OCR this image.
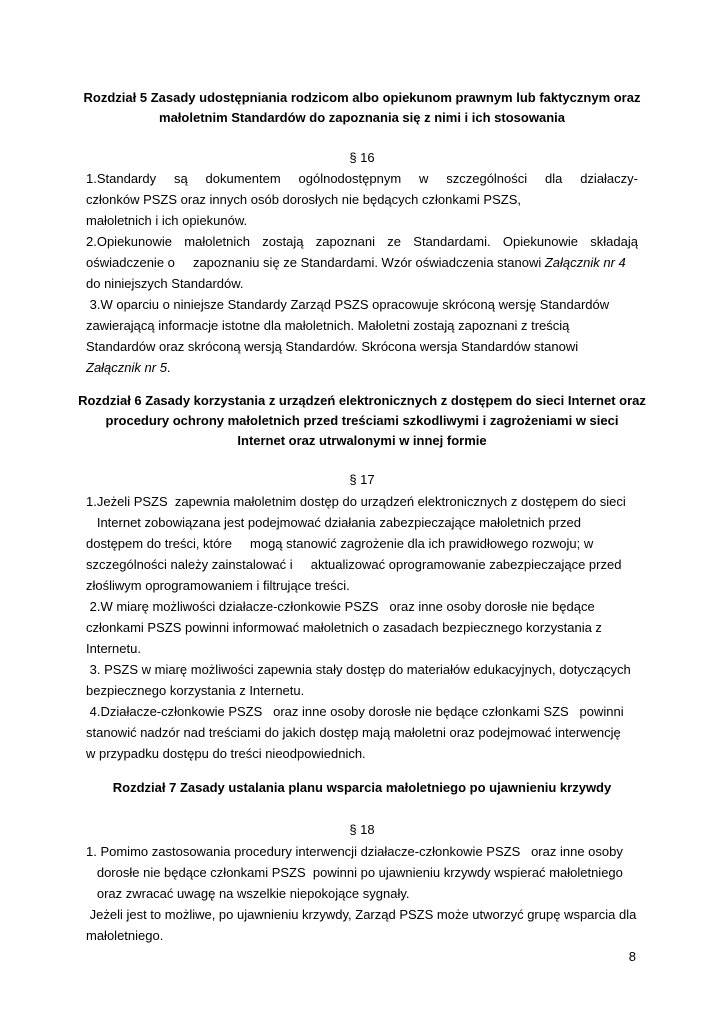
Rozdział 5 Zasady udostępniania rodzicom albo opiekunom prawnym lub faktycznym oraz
małoletnim Standardów do zapoznania się z nimi i ich stosowania
§ 16
1.Standardy są dokumentem ogólnodostępnym w szczególności dla działaczy-
członków PSZS oraz innych osób dorosłych nie będących członkami PSZS,
małoletnich i ich opiekunów.
2.Opiekunowie małoletnich zostają zapoznani ze Standardami. Opiekunowie składają
oświadczenie o     zapoznaniu się ze Standardami. Wzór oświadczenia stanowi Załącznik nr 4
do niniejszych Standardów.
3.W oparciu o niniejsze Standardy Zarząd PSZS opracowuje skróconą wersję Standardów
zawierającą informacje istotne dla małoletnich. Małoletni zostają zapoznani z treścią
Standardów oraz skróconą wersją Standardów. Skrócona wersja Standardów stanowi
Załącznik nr 5.
Rozdział 6 Zasady korzystania z urządzeń elektronicznych z dostępem do sieci Internet oraz
procedury ochrony małoletnich przed treściami szkodliwymi i zagrożeniami w sieci
Internet oraz utrwalonymi w innej formie
§ 17
1.Jeżeli PSZS  zapewnia małoletnim dostęp do urządzeń elektronicznych z dostępem do sieci
Internet zobowiązana jest podejmować działania zabezpieczające małoletnich przed
dostępem do treści, które     mogą stanowić zagrożenie dla ich prawidłowego rozwoju; w
szczególności należy zainstalować i     aktualizować oprogramowanie zabezpieczające przed
złośliwym oprogramowaniem i filtrujące treści.
2.W miarę możliwości działacze-członkowie PSZS   oraz inne osoby dorosłe nie będące
członkami PSZS powinni informować małoletnich o zasadach bezpiecznego korzystania z
Internetu.
3. PSZS w miarę możliwości zapewnia stały dostęp do materiałów edukacyjnych, dotyczących
bezpiecznego korzystania z Internetu.
4.Działacze-członkowie PSZS   oraz inne osoby dorosłe nie będące członkami SZS   powinni
stanowić nadzór nad treściami do jakich dostęp mają małoletni oraz podejmować interwencję
w przypadku dostępu do treści nieodpowiednich.
Rozdział 7 Zasady ustalania planu wsparcia małoletniego po ujawnieniu krzywdy
§ 18
1. Pomimo zastosowania procedury interwencji działacze-członkowie PSZS   oraz inne osoby
dorosłe nie będące członkami PSZS  powinni po ujawnieniu krzywdy wspierać małoletniego
oraz zwracać uwagę na wszelkie niepokojące sygnały.
Jeżeli jest to możliwe, po ujawnieniu krzywdy, Zarząd PSZS może utworzyć grupę wsparcia dla
małoletniego.
8
